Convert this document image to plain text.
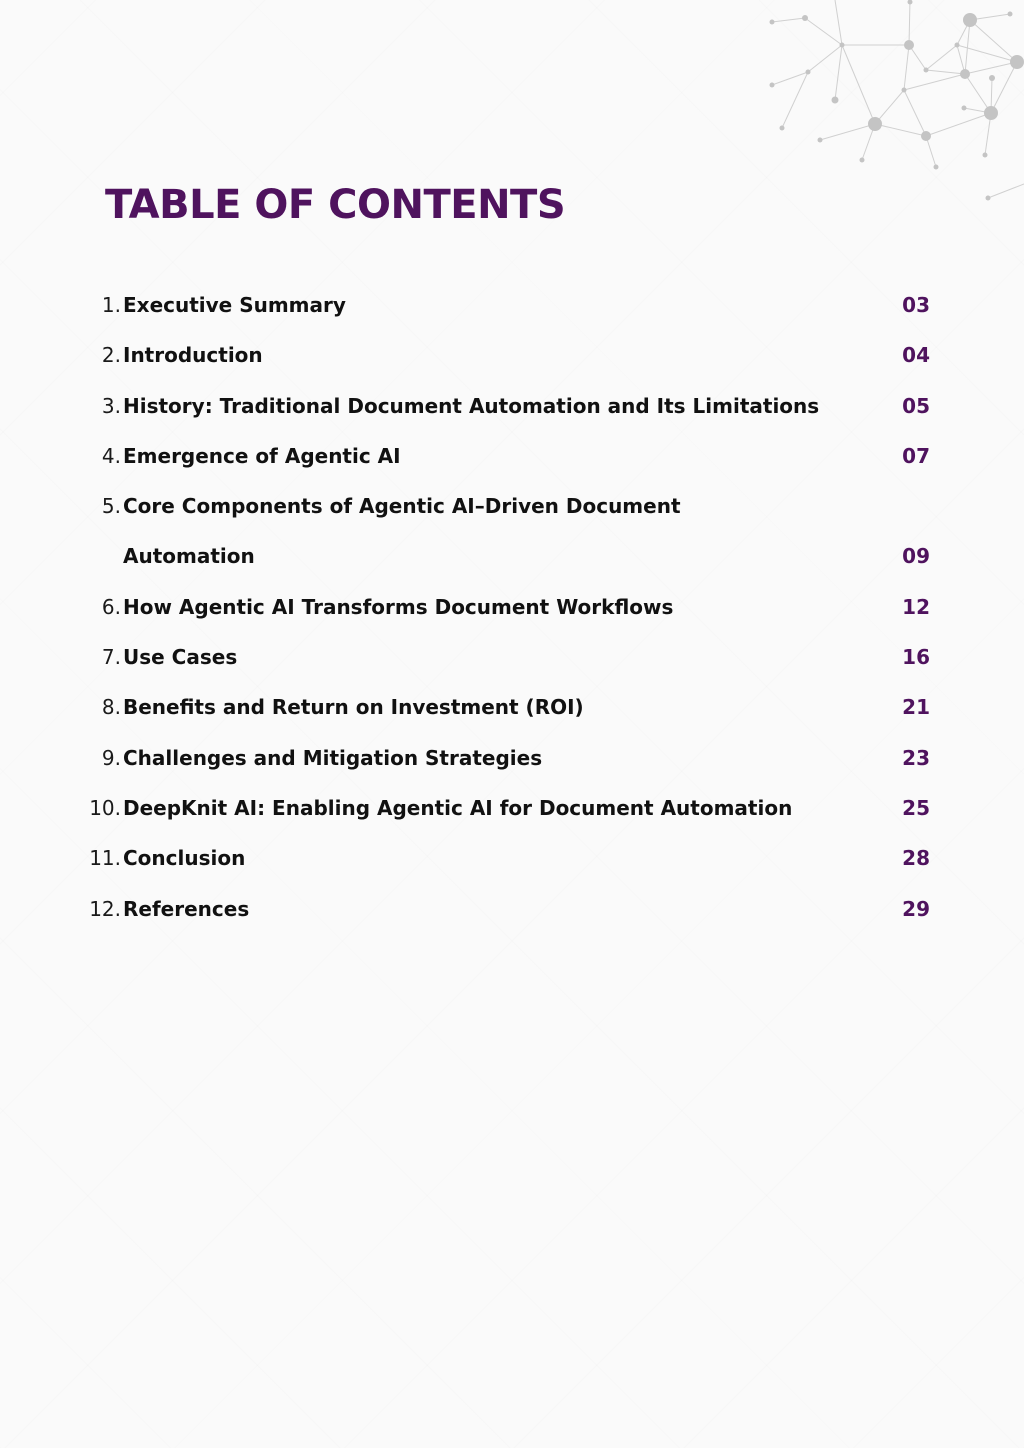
TABLE OF CONTENTS
1. Executive Summary	03
2. Introduction	04
3. History: Traditional Document Automation and Its Limitations	05
4. Emergence of Agentic AI	07
5. Core Components of Agentic AI–Driven Document
Automation	09
6. How Agentic AI Transforms Document Workflows	12
7. Use Cases	16
8. Benefits and Return on Investment (ROI)	21
9. Challenges and Mitigation Strategies	23
10. DeepKnit AI: Enabling Agentic AI for Document Automation	25
11. Conclusion	28
12. References	29
